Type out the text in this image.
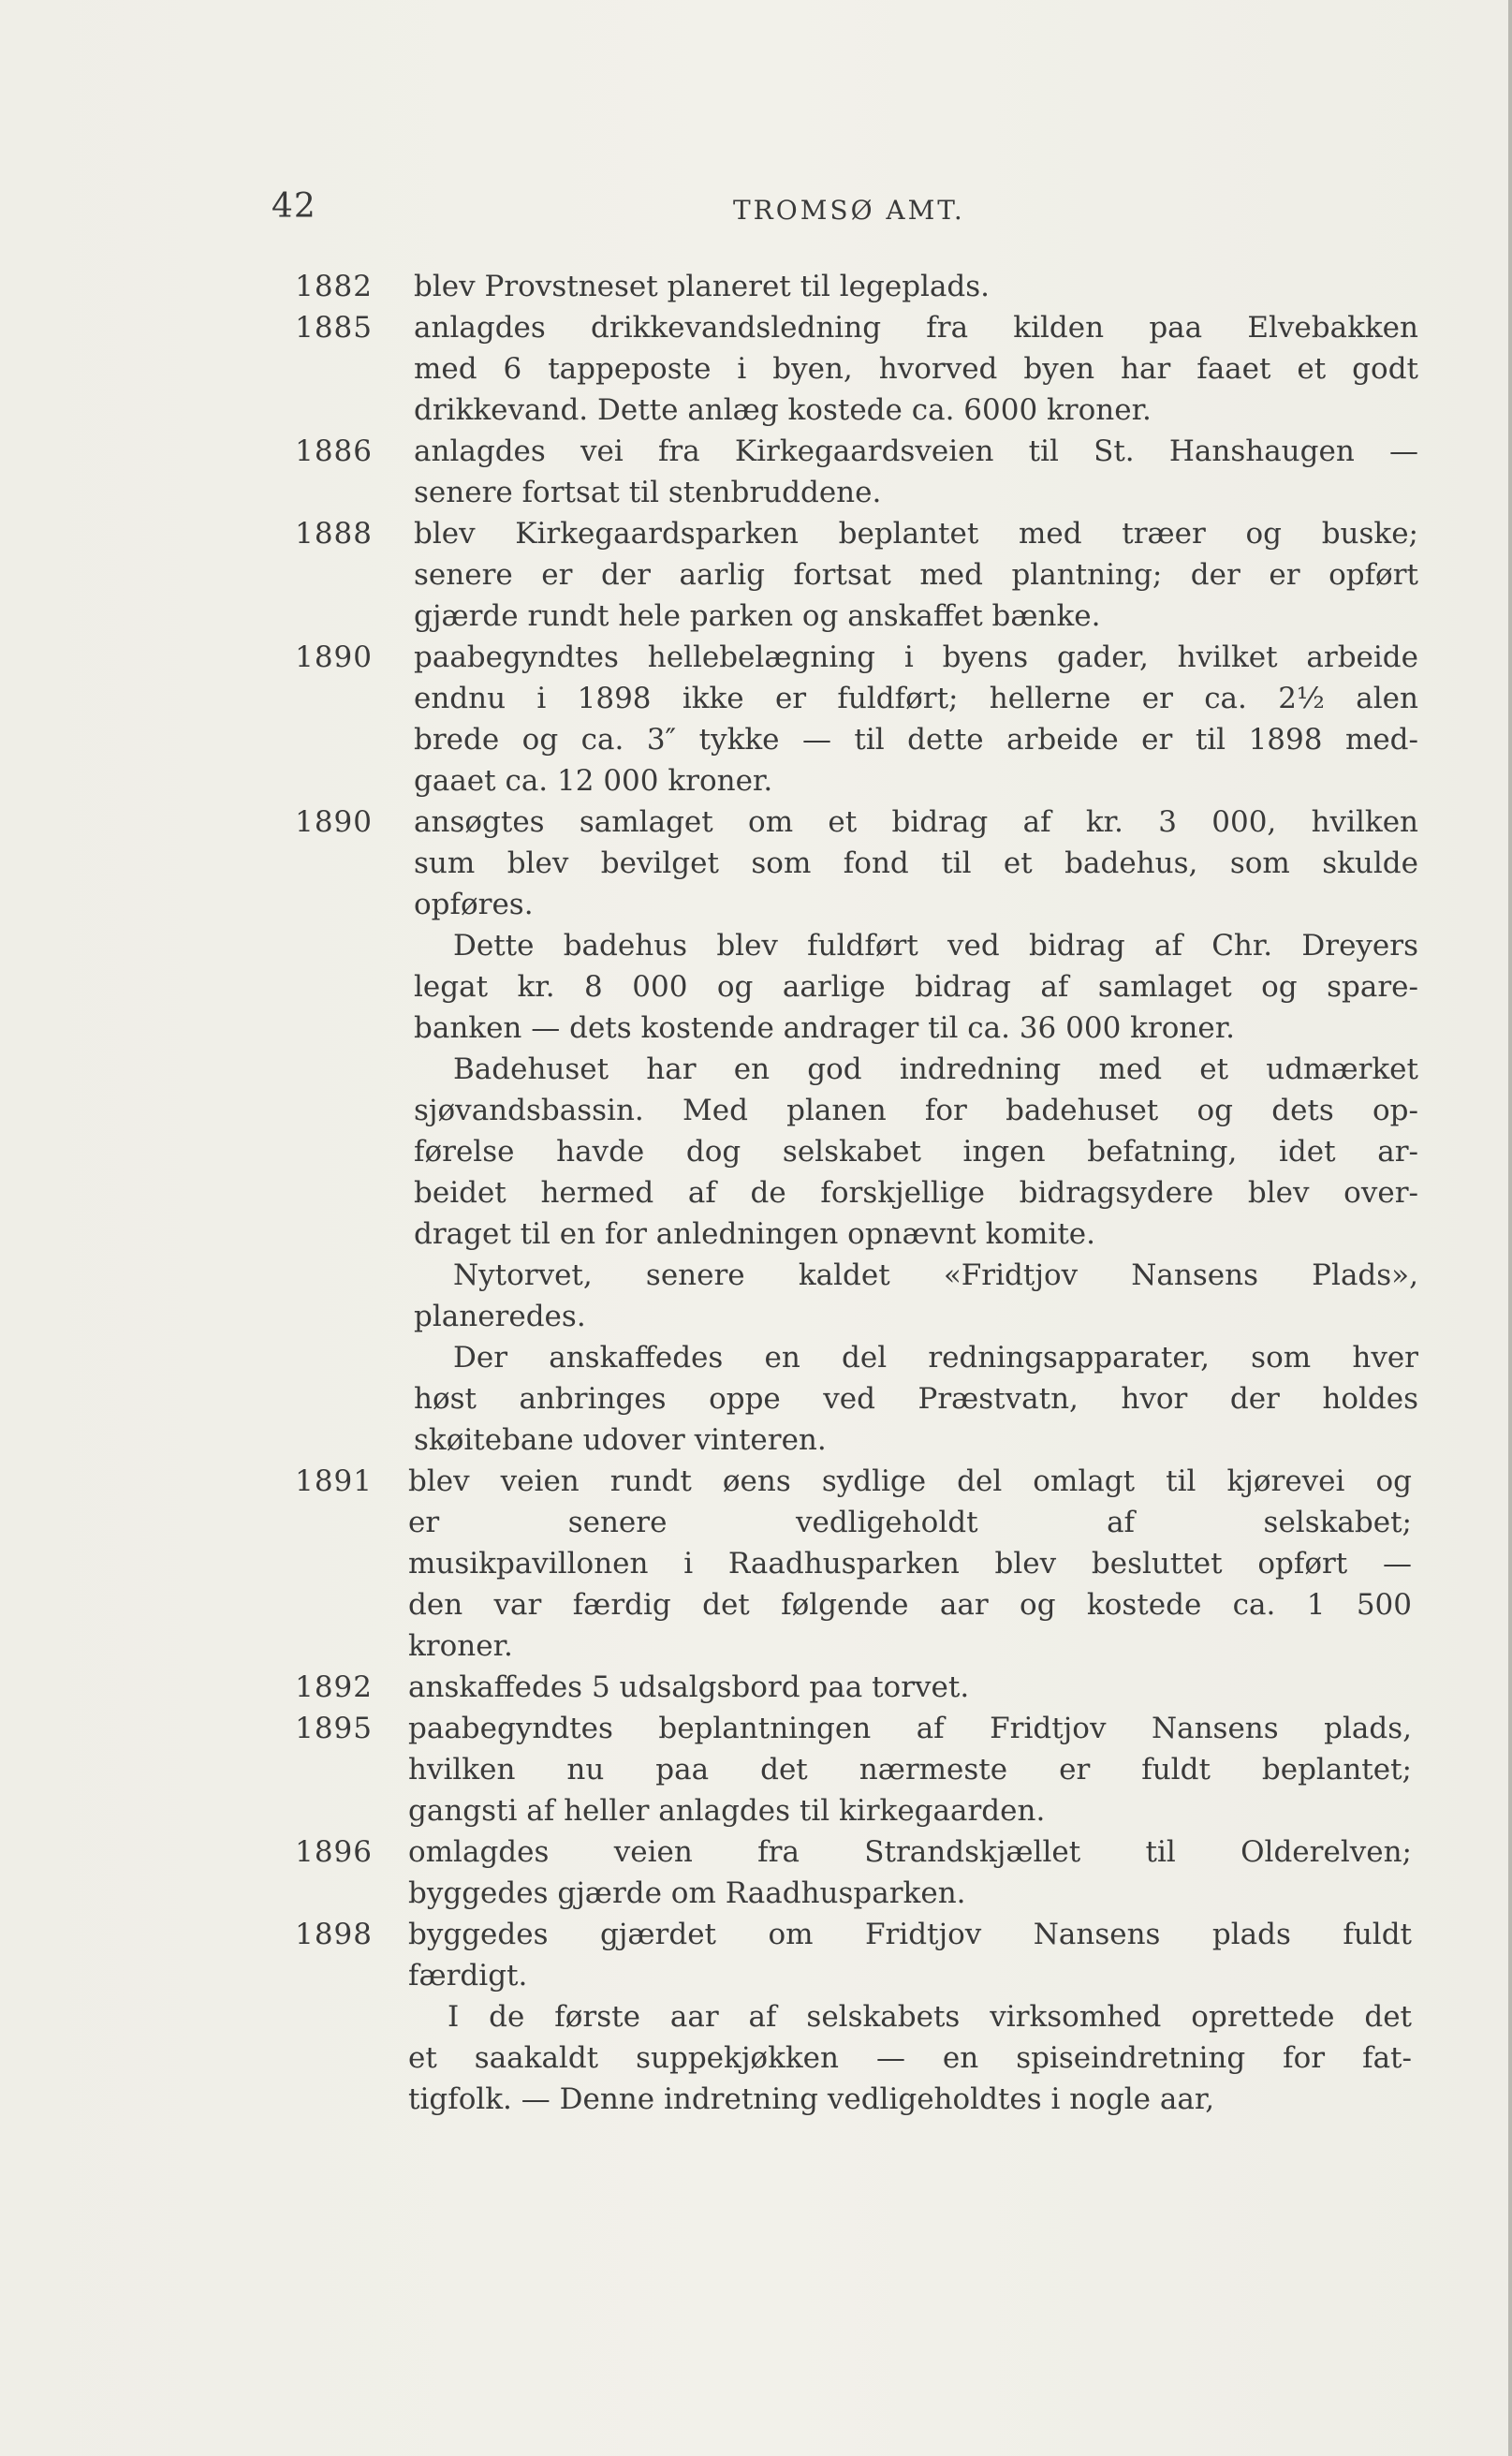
42	TROMSØ AMT.
1882 blev Provstneset planeret til legeplads.
1885 anlagdes drikkevandsledning fra kilden paa Elvebakken
med 6 tappeposte i byen, hvorved byen har faaet et godt
drikkevand. Dette anlæg kostede ca. 6000 kroner.
1886 anlagdes vei fra Kirkegaardsveien til St. Hanshaugen —
senere fortsat til stenbruddene.
1888 blev Kirkegaardsparken beplantet med træer og buske;
senere er der aarlig fortsat med plantning; der er opført
gjærde rundt hele parken og anskaffet bænke.
1890 paabegyndtes hellebelægning i byens gader, hvilket arbeide
endnu i 1898 ikke er fuldført; hellerne er ca. 2½ alen
brede og ca. 3″ tykke — til dette arbeide er til 1898 med-
gaaet ca. 12 000 kroner.
1890 ansøgtes samlaget om et bidrag af kr. 3 000, hvilken
sum blev bevilget som fond til et badehus, som skulde
opføres.
Dette badehus blev fuldført ved bidrag af Chr. Dreyers
legat kr. 8 000 og aarlige bidrag af samlaget og spare-
banken — dets kostende andrager til ca. 36 000 kroner.
Badehuset har en god indredning med et udmærket
sjøvandsbassin. Med planen for badehuset og dets op-
førelse havde dog selskabet ingen befatning, idet ar-
beidet hermed af de forskjellige bidragsydere blev over-
draget til en for anledningen opnævnt komite.
Nytorvet, senere kaldet «Fridtjov Nansens Plads»,
planeredes.
Der anskaffedes en del redningsapparater, som hver
høst anbringes oppe ved Præstvatn, hvor der holdes
skøitebane udover vinteren.
1891 blev veien rundt øens sydlige del omlagt til kjørevei og
er senere vedligeholdt af selskabet;
musikpavillonen i Raadhusparken blev besluttet opført —
den var færdig det følgende aar og kostede ca. 1 500
kroner.
1892 anskaffedes 5 udsalgsbord paa torvet.
1895 paabegyndtes beplantningen af Fridtjov Nansens plads,
hvilken nu paa det nærmeste er fuldt beplantet;
gangsti af heller anlagdes til kirkegaarden.
1896 omlagdes veien fra Strandskjællet til Olderelven;
byggedes gjærde om Raadhusparken.
1898 byggedes gjærdet om Fridtjov Nansens plads fuldt
færdigt.
I de første aar af selskabets virksomhed oprettede det
et saakaldt suppekjøkken — en spiseindretning for fat-
tigfolk. — Denne indretning vedligeholdtes i nogle aar,
